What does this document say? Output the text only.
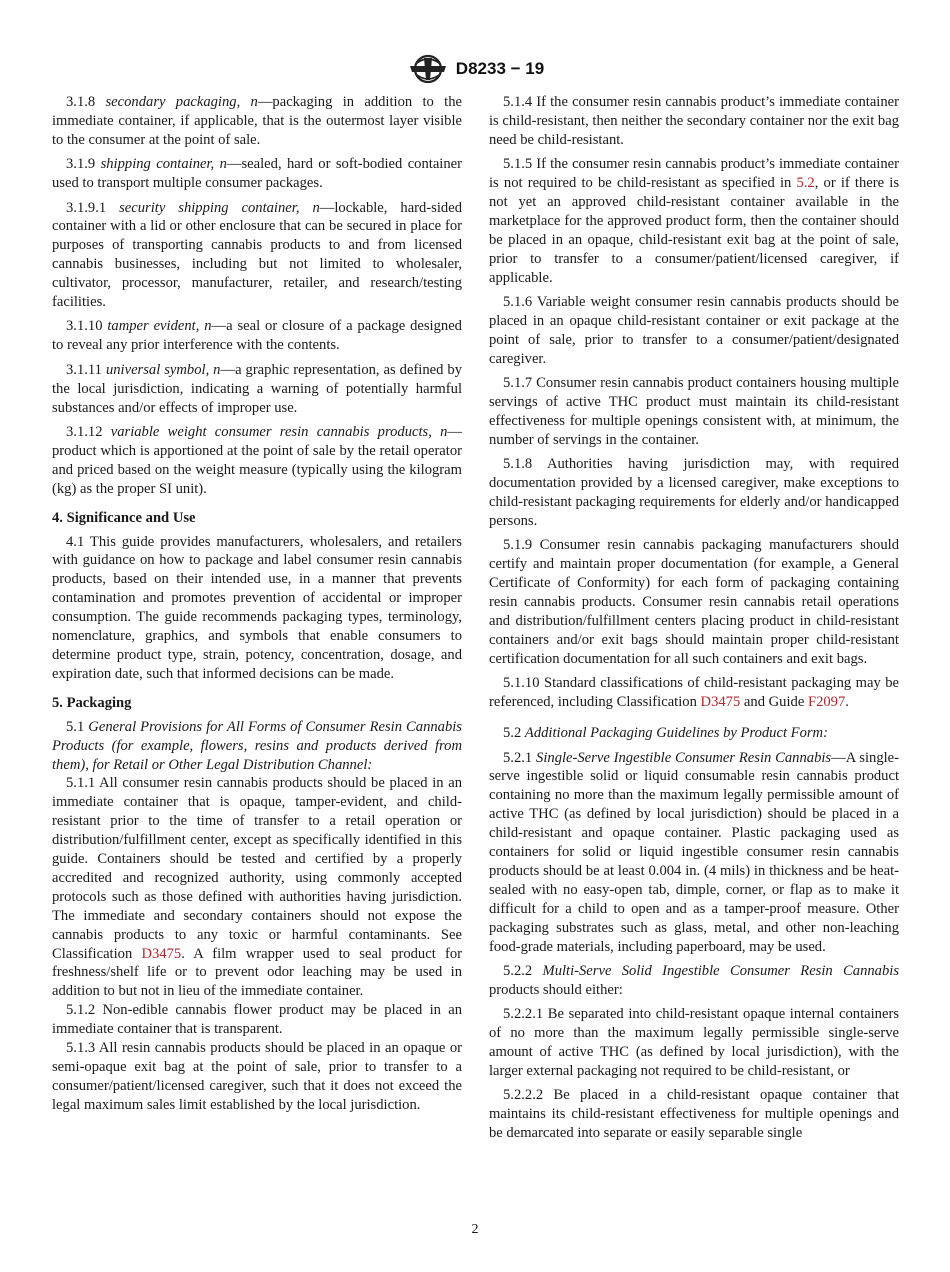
D8233 − 19

3.1.8 secondary packaging, n—packaging in addition to the immediate container, if applicable, that is the outermost layer visible to the consumer at the point of sale.

3.1.9 shipping container, n—sealed, hard or soft-bodied container used to transport multiple consumer packages.

3.1.9.1 security shipping container, n—lockable, hard-sided container with a lid or other enclosure that can be secured in place for purposes of transporting cannabis products to and from licensed cannabis businesses, including but not limited to wholesaler, cultivator, processor, manufacturer, retailer, and research/testing facilities.

3.1.10 tamper evident, n—a seal or closure of a package designed to reveal any prior interference with the contents.

3.1.11 universal symbol, n—a graphic representation, as defined by the local jurisdiction, indicating a warning of potentially harmful substances and/or effects of improper use.

3.1.12 variable weight consumer resin cannabis products, n—product which is apportioned at the point of sale by the retail operator and priced based on the weight measure (typically using the kilogram (kg) as the proper SI unit).

4. Significance and Use

4.1 This guide provides manufacturers, wholesalers, and retailers with guidance on how to package and label consumer resin cannabis products, based on their intended use, in a manner that prevents contamination and promotes prevention of accidental or improper consumption. The guide recommends packaging types, terminology, nomenclature, graphics, and symbols that enable consumers to determine product type, strain, potency, concentration, dosage, and expiration date, such that informed decisions can be made.

5. Packaging

5.1 General Provisions for All Forms of Consumer Resin Cannabis Products (for example, flowers, resins and products derived from them), for Retail or Other Legal Distribution Channel:

5.1.1 All consumer resin cannabis products should be placed in an immediate container that is opaque, tamper-evident, and child-resistant prior to the time of transfer to a retail operation or distribution/fulfillment center, except as specifically identified in this guide. Containers should be tested and certified by a properly accredited and recognized authority, using commonly accepted protocols such as those defined with authorities having jurisdiction. The immediate and secondary containers should not expose the cannabis products to any toxic or harmful contaminants. See Classification D3475. A film wrapper used to seal product for freshness/shelf life or to prevent odor leaching may be used in addition to but not in lieu of the immediate container.

5.1.2 Non-edible cannabis flower product may be placed in an immediate container that is transparent.

5.1.3 All resin cannabis products should be placed in an opaque or semi-opaque exit bag at the point of sale, prior to transfer to a consumer/patient/licensed caregiver, such that it does not exceed the legal maximum sales limit established by the local jurisdiction.

5.1.4 If the consumer resin cannabis product’s immediate container is child-resistant, then neither the secondary container nor the exit bag need be child-resistant.

5.1.5 If the consumer resin cannabis product’s immediate container is not required to be child-resistant as specified in 5.2, or if there is not yet an approved child-resistant container available in the marketplace for the approved product form, then the container should be placed in an opaque, child-resistant exit bag at the point of sale, prior to transfer to a consumer/patient/licensed caregiver, if applicable.

5.1.6 Variable weight consumer resin cannabis products should be placed in an opaque child-resistant container or exit package at the point of sale, prior to transfer to a consumer/patient/designated caregiver.

5.1.7 Consumer resin cannabis product containers housing multiple servings of active THC product must maintain its child-resistant effectiveness for multiple openings consistent with, at minimum, the number of servings in the container.

5.1.8 Authorities having jurisdiction may, with required documentation provided by a licensed caregiver, make exceptions to child-resistant packaging requirements for elderly and/or handicapped persons.

5.1.9 Consumer resin cannabis packaging manufacturers should certify and maintain proper documentation (for example, a General Certificate of Conformity) for each form of packaging containing resin cannabis products. Consumer resin cannabis retail operations and distribution/fulfillment centers placing product in child-resistant containers and/or exit bags should maintain proper child-resistant certification documentation for all such containers and exit bags.

5.1.10 Standard classifications of child-resistant packaging may be referenced, including Classification D3475 and Guide F2097.

5.2 Additional Packaging Guidelines by Product Form:

5.2.1 Single-Serve Ingestible Consumer Resin Cannabis—A single-serve ingestible solid or liquid consumable resin cannabis product containing no more than the maximum legally permissible amount of active THC (as defined by local jurisdiction) should be placed in a child-resistant and opaque container. Plastic packaging used as containers for solid or liquid ingestible consumer resin cannabis products should be at least 0.004 in. (4 mils) in thickness and be heat-sealed with no easy-open tab, dimple, corner, or flap as to make it difficult for a child to open and as a tamper-proof measure. Other packaging substrates such as glass, metal, and other non-leaching food-grade materials, including paperboard, may be used.

5.2.2 Multi-Serve Solid Ingestible Consumer Resin Cannabis products should either:

5.2.2.1 Be separated into child-resistant opaque internal containers of no more than the maximum legally permissible single-serve amount of active THC (as defined by local jurisdiction), with the larger external packaging not required to be child-resistant, or

5.2.2.2 Be placed in a child-resistant opaque container that maintains its child-resistant effectiveness for multiple openings and be demarcated into separate or easily separable single

2
